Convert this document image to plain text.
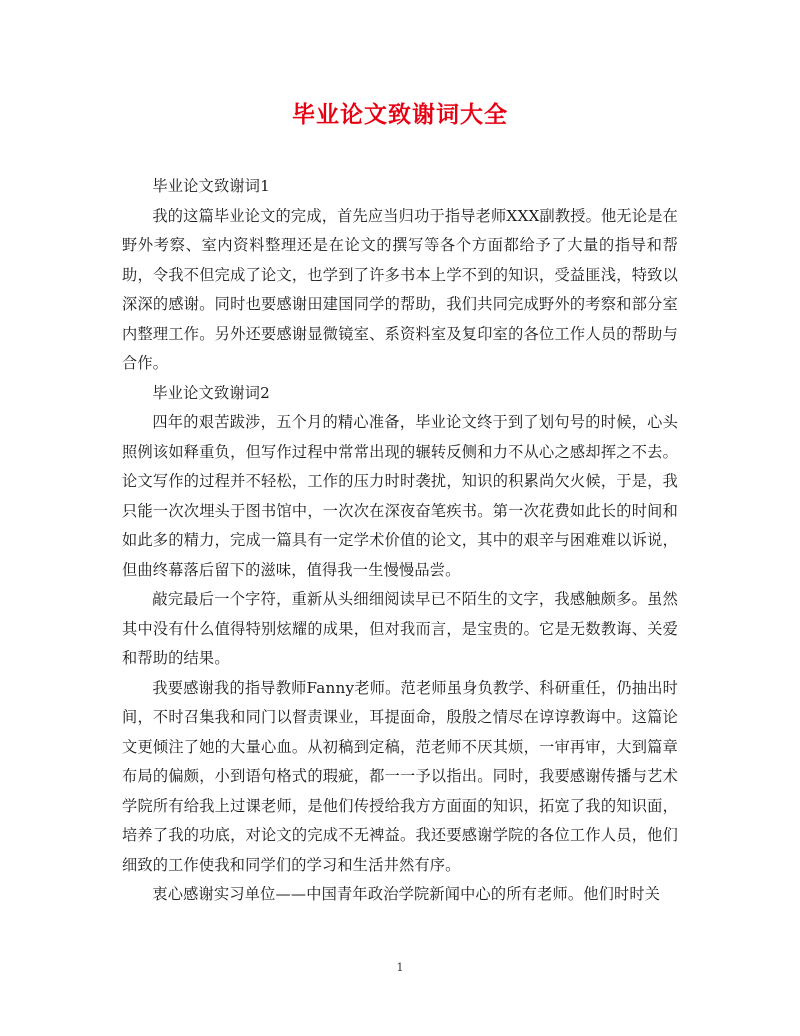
毕业论文致谢词大全

毕业论文致谢词1

我的这篇毕业论文的完成，首先应当归功于指导老师XXX副教授。他无论是在野外考察、室内资料整理还是在论文的撰写等各个方面都给予了大量的指导和帮助，令我不但完成了论文，也学到了许多书本上学不到的知识，受益匪浅，特致以深深的感谢。同时也要感谢田建国同学的帮助，我们共同完成野外的考察和部分室内整理工作。另外还要感谢显微镜室、系资料室及复印室的各位工作人员的帮助与合作。

毕业论文致谢词2

四年的艰苦跋涉，五个月的精心准备，毕业论文终于到了划句号的时候，心头照例该如释重负，但写作过程中常常出现的辗转反侧和力不从心之感却挥之不去。论文写作的过程并不轻松，工作的压力时时袭扰，知识的积累尚欠火候，于是，我只能一次次埋头于图书馆中，一次次在深夜奋笔疾书。第一次花费如此长的时间和如此多的精力，完成一篇具有一定学术价值的论文，其中的艰辛与困难难以诉说，但曲终幕落后留下的滋味，值得我一生慢慢品尝。

敲完最后一个字符，重新从头细细阅读早已不陌生的文字，我感触颇多。虽然其中没有什么值得特别炫耀的成果，但对我而言，是宝贵的。它是无数教诲、关爱和帮助的结果。

我要感谢我的指导教师Fanny老师。范老师虽身负教学、科研重任，仍抽出时间，不时召集我和同门以督责课业，耳提面命，殷殷之情尽在谆谆教诲中。这篇论文更倾注了她的大量心血。从初稿到定稿，范老师不厌其烦，一审再审，大到篇章布局的偏颇，小到语句格式的瑕疵，都一一予以指出。同时，我要感谢传播与艺术学院所有给我上过课老师，是他们传授给我方方面面的知识，拓宽了我的知识面，培养了我的功底，对论文的完成不无裨益。我还要感谢学院的各位工作人员，他们细致的工作使我和同学们的学习和生活井然有序。

衷心感谢实习单位——中国青年政治学院新闻中心的所有老师。他们时时关

1
